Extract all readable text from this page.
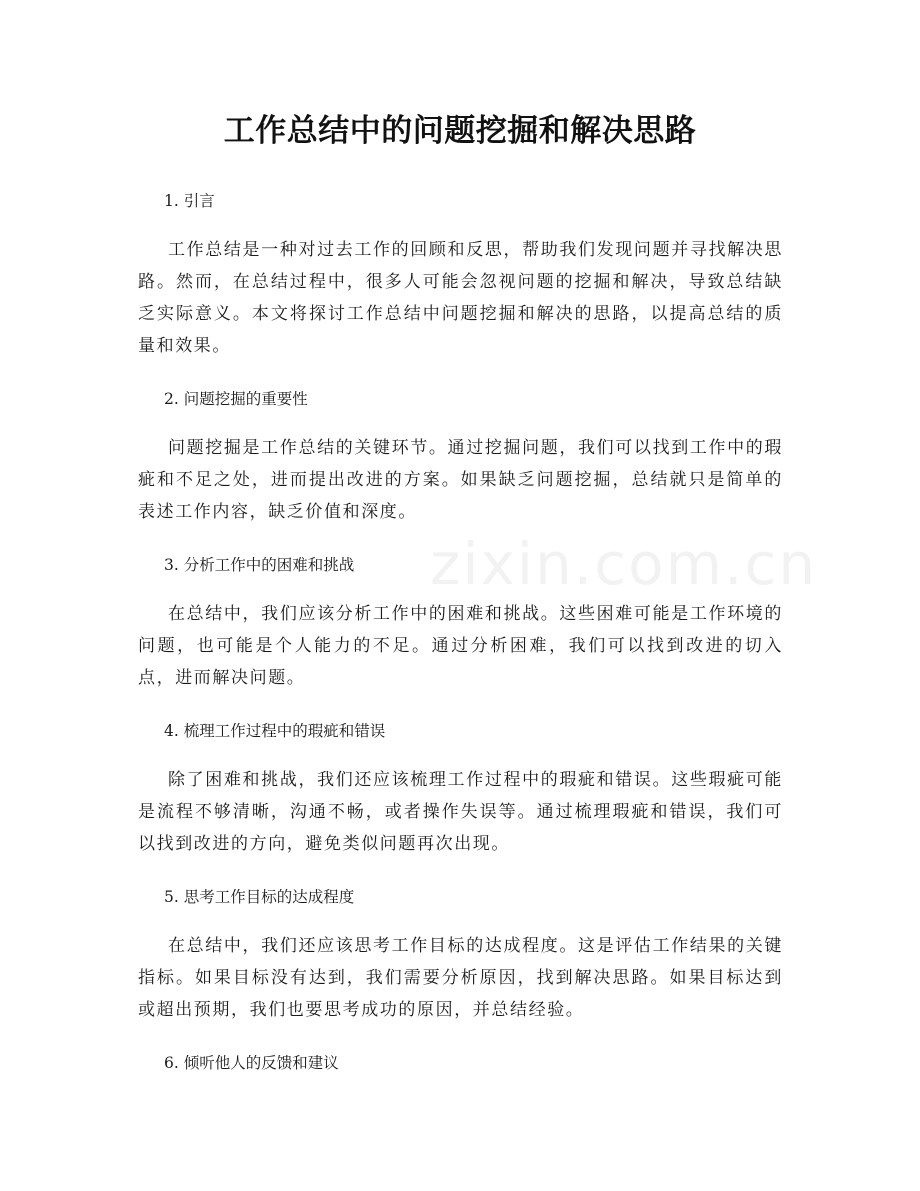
zixin.com.cn
工作总结中的问题挖掘和解决思路
1. 引言

工作总结是一种对过去工作的回顾和反思，帮助我们发现问题并寻找解决思路。然而，在总结过程中，很多人可能会忽视问题的挖掘和解决，导致总结缺乏实际意义。本文将探讨工作总结中问题挖掘和解决的思路，以提高总结的质量和效果。

2. 问题挖掘的重要性

问题挖掘是工作总结的关键环节。通过挖掘问题，我们可以找到工作中的瑕疵和不足之处，进而提出改进的方案。如果缺乏问题挖掘，总结就只是简单的表述工作内容，缺乏价值和深度。

3. 分析工作中的困难和挑战

在总结中，我们应该分析工作中的困难和挑战。这些困难可能是工作环境的问题，也可能是个人能力的不足。通过分析困难，我们可以找到改进的切入点，进而解决问题。

4. 梳理工作过程中的瑕疵和错误

除了困难和挑战，我们还应该梳理工作过程中的瑕疵和错误。这些瑕疵可能是流程不够清晰，沟通不畅，或者操作失误等。通过梳理瑕疵和错误，我们可以找到改进的方向，避免类似问题再次出现。

5. 思考工作目标的达成程度

在总结中，我们还应该思考工作目标的达成程度。这是评估工作结果的关键指标。如果目标没有达到，我们需要分析原因，找到解决思路。如果目标达到或超出预期，我们也要思考成功的原因，并总结经验。

6. 倾听他人的反馈和建议
